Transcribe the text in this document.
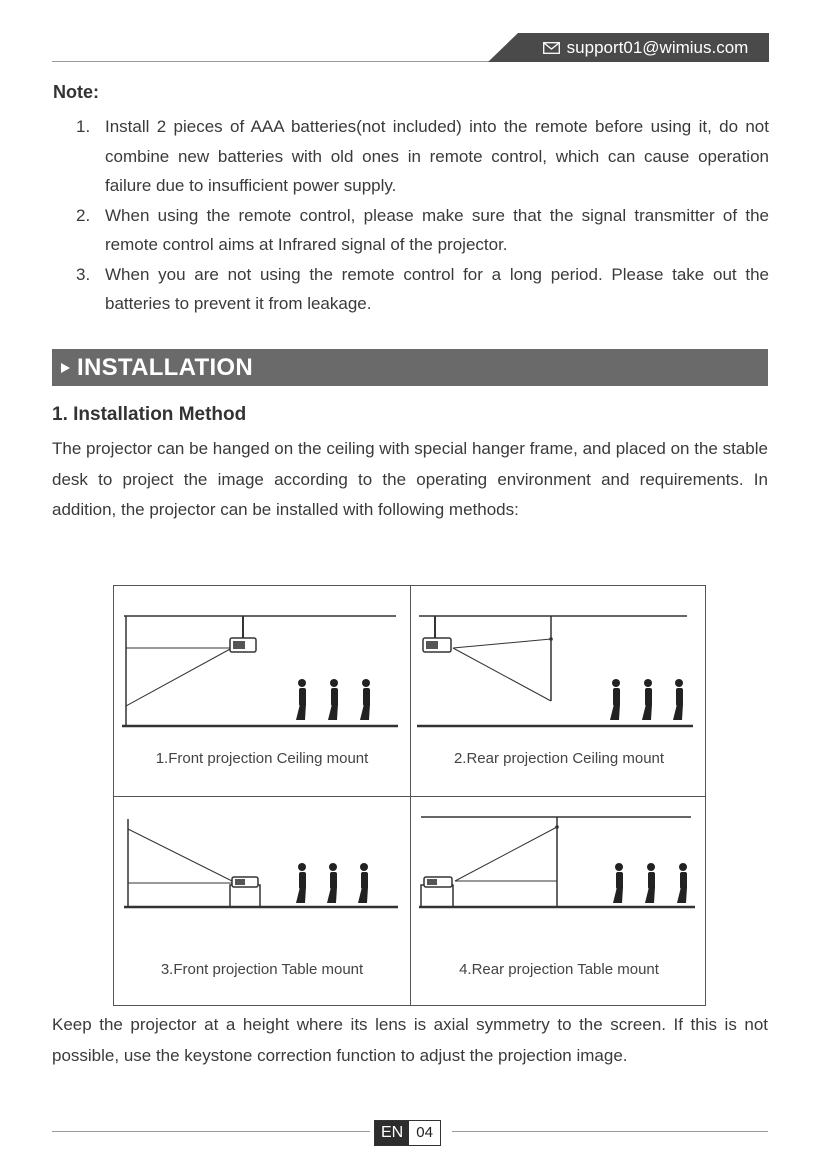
support01@wimius.com
Note:
1. Install 2 pieces of AAA batteries(not included) into the remote before using it, do not combine new batteries with old ones in remote control, which can cause operation failure due to insufficient power supply.
2. When using the remote control, please make sure that the signal transmitter of the remote control aims at Infrared signal of the projector.
3. When you are not using the remote control for a long period. Please take out the batteries to prevent it from leakage.
INSTALLATION
1. Installation Method
The projector can be hanged on the ceiling with special hanger frame, and placed on the stable desk to project the image according to the operating environment and requirements. In addition, the projector can be installed with following methods:
1.Front projection Ceiling mount	2.Rear projection Ceiling mount
3.Front projection Table mount	4.Rear projection Table mount
Keep the projector at a height where its lens is axial symmetry to the screen. If this is not possible, use the keystone correction function to adjust the projection image.
EN 04
